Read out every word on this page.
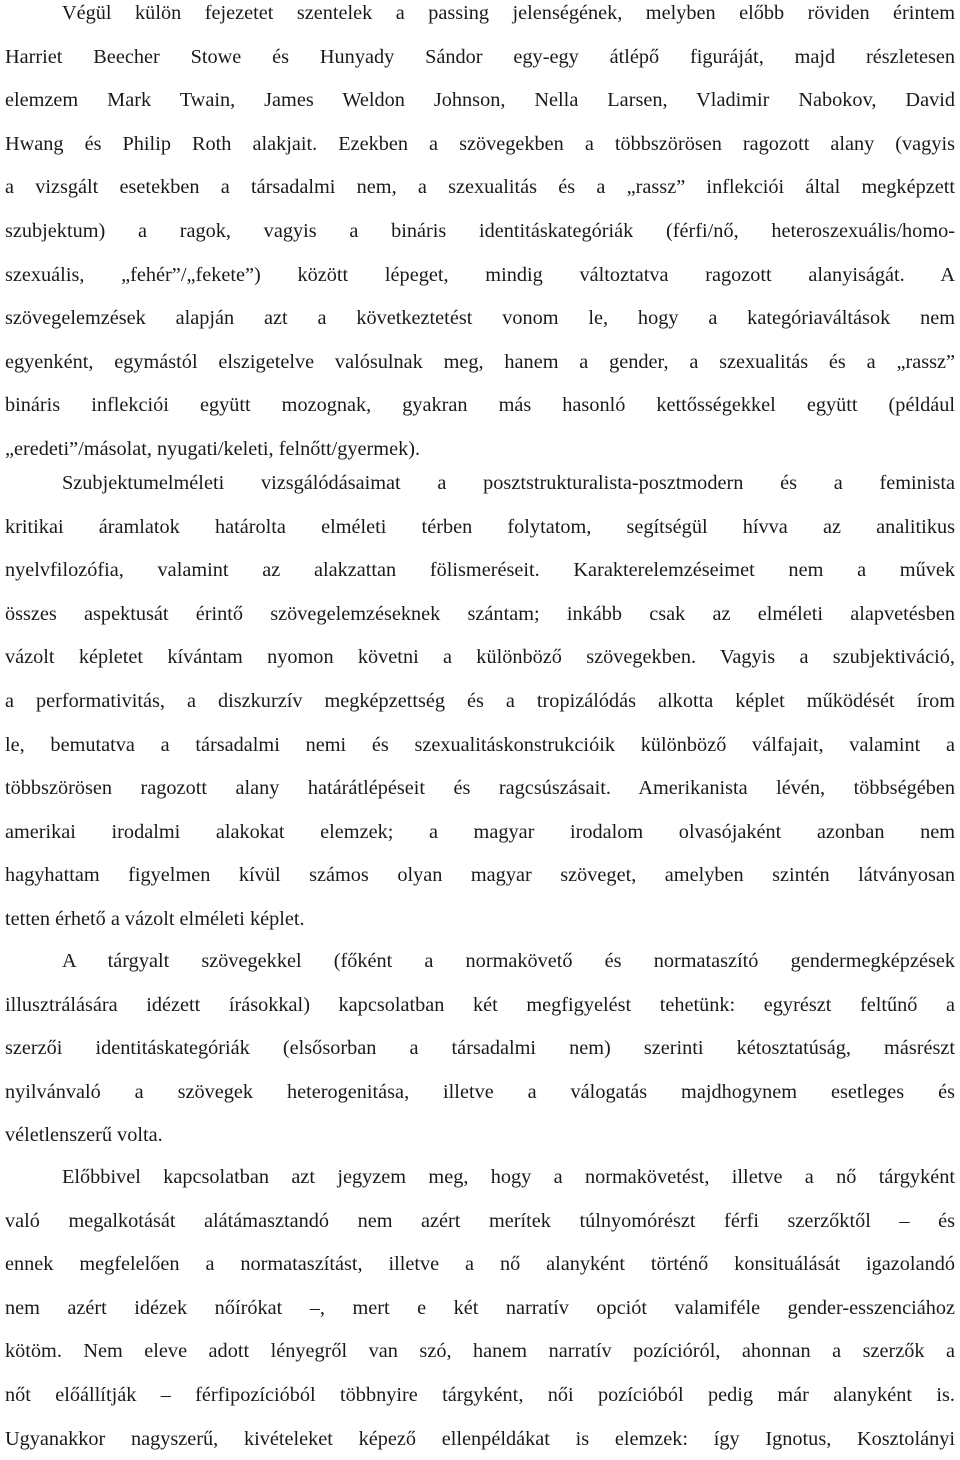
Végül külön fejezetet szentelek a passing jelenségének, melyben előbb röviden érintem
Harriet Beecher Stowe és Hunyady Sándor egy-egy átlépő figuráját, majd részletesen
elemzem Mark Twain, James Weldon Johnson, Nella Larsen, Vladimir Nabokov, David
Hwang és Philip Roth alakjait. Ezekben a szövegekben a többszörösen ragozott alany (vagyis
a vizsgált esetekben a társadalmi nem, a szexualitás és a „rassz” inflekciói által megképzett
szubjektum) a ragok, vagyis a bináris identitáskategóriák (férfi/nő, heteroszexuális/homo-
szexuális, „fehér”/„fekete”) között lépeget, mindig változtatva ragozott alanyiságát. A
szövegelemzések alapján azt a következtetést vonom le, hogy a kategóriaváltások nem
egyenként, egymástól elszigetelve valósulnak meg, hanem a gender, a szexualitás és a „rassz”
bináris inflekciói együtt mozognak, gyakran más hasonló kettősségekkel együtt (például
„eredeti”/másolat, nyugati/keleti, felnőtt/gyermek).
Szubjektumelméleti vizsgálódásaimat a posztstrukturalista-posztmodern és a feminista
kritikai áramlatok határolta elméleti térben folytatom, segítségül hívva az analitikus
nyelvfilozófia, valamint az alakzattan fölismeréseit. Karakterelemzéseimet nem a művek
összes aspektusát érintő szövegelemzéseknek szántam; inkább csak az elméleti alapvetésben
vázolt képletet kívántam nyomon követni a különböző szövegekben. Vagyis a szubjektiváció,
a performativitás, a diszkurzív megképzettség és a tropizálódás alkotta képlet működését írom
le, bemutatva a társadalmi nemi és szexualitáskonstrukcióik különböző válfajait, valamint a
többszörösen ragozott alany határátlépéseit és ragcsúszásait. Amerikanista lévén, többségében
amerikai irodalmi alakokat elemzek; a magyar irodalom olvasójaként azonban nem
hagyhattam figyelmen kívül számos olyan magyar szöveget, amelyben szintén látványosan
tetten érhető a vázolt elméleti képlet.
A tárgyalt szövegekkel (főként a normakövető és normataszító gendermegképzések
illusztrálására idézett írásokkal) kapcsolatban két megfigyelést tehetünk: egyrészt feltűnő a
szerzői identitáskategóriák (elsősorban a társadalmi nem) szerinti kétosztatúság, másrészt
nyilvánvaló a szövegek heterogenitása, illetve a válogatás majdhogynem esetleges és
véletlenszerű volta.
Előbbivel kapcsolatban azt jegyzem meg, hogy a normakövetést, illetve a nő tárgyként
való megalkotását alátámasztandó nem azért merítek túlnyomórészt férfi szerzőktől – és
ennek megfelelően a normataszítást, illetve a nő alanyként történő konsituálását igazolandó
nem azért idézek nőírókat –, mert e két narratív opciót valamiféle gender-esszenciához
kötöm. Nem eleve adott lényegről van szó, hanem narratív pozícióról, ahonnan a szerzők a
nőt előállítják – férfipozícióból többnyire tárgyként, női pozícióból pedig már alanyként is.
Ugyanakkor nagyszerű, kivételeket képező ellenpéldákat is elemzek: így Ignotus, Kosztolányi
